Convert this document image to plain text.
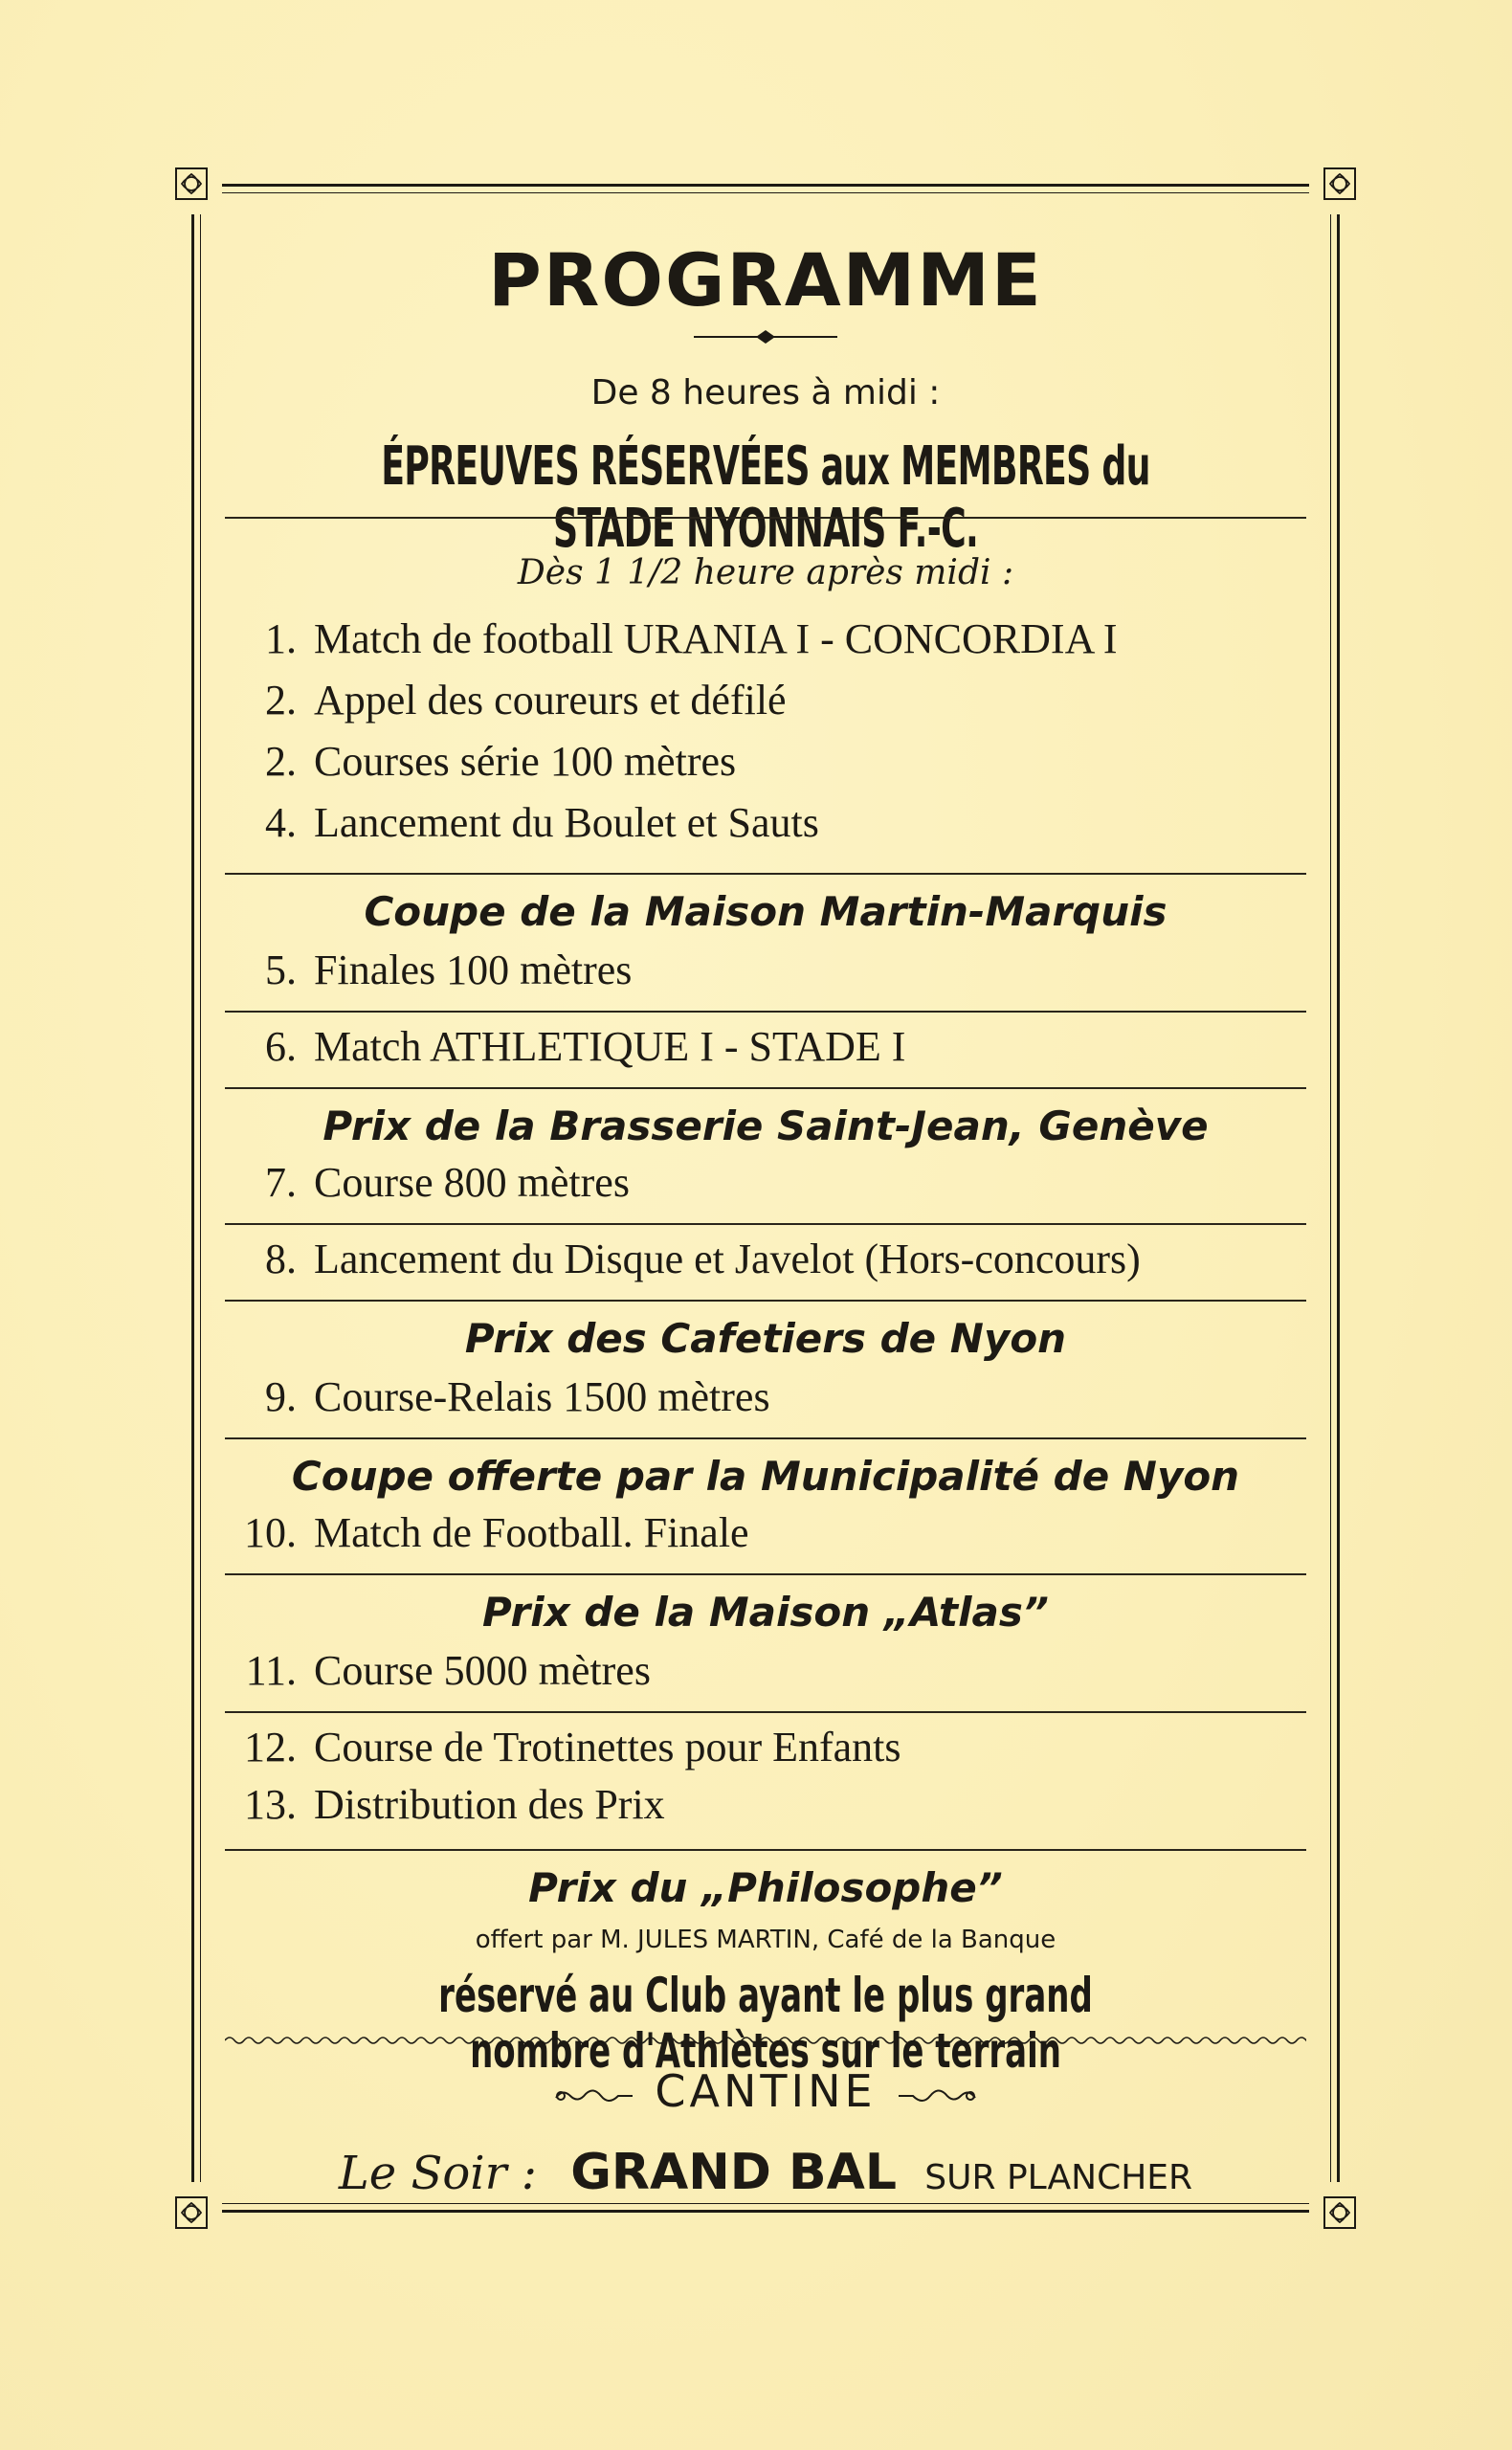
PROGRAMME
De 8 heures à midi :
ÉPREUVES RÉSERVÉES aux MEMBRES du STADE NYONNAIS F.-C.
Dès 1 1/2 heure après midi :
1. Match de football URANIA I - CONCORDIA I
2. Appel des coureurs et défilé
2. Courses série 100 mètres
4. Lancement du Boulet et Sauts
Coupe de la Maison Martin-Marquis
5. Finales 100 mètres
6. Match ATHLETIQUE I - STADE I
Prix de la Brasserie Saint-Jean, Genève
7. Course 800 mètres
8. Lancement du Disque et Javelot (Hors-concours)
Prix des Cafetiers de Nyon
9. Course-Relais 1500 mètres
Coupe offerte par la Municipalité de Nyon
10. Match de Football. Finale
Prix de la Maison „Atlas”
11. Course 5000 mètres
12. Course de Trotinettes pour Enfants
13. Distribution des Prix
Prix du „Philosophe”
offert par M. JULES MARTIN, Café de la Banque
réservé au Club ayant le plus grand nombre d'Athlètes sur le terrain
CANTINE
Le Soir : GRAND BAL SUR PLANCHER
